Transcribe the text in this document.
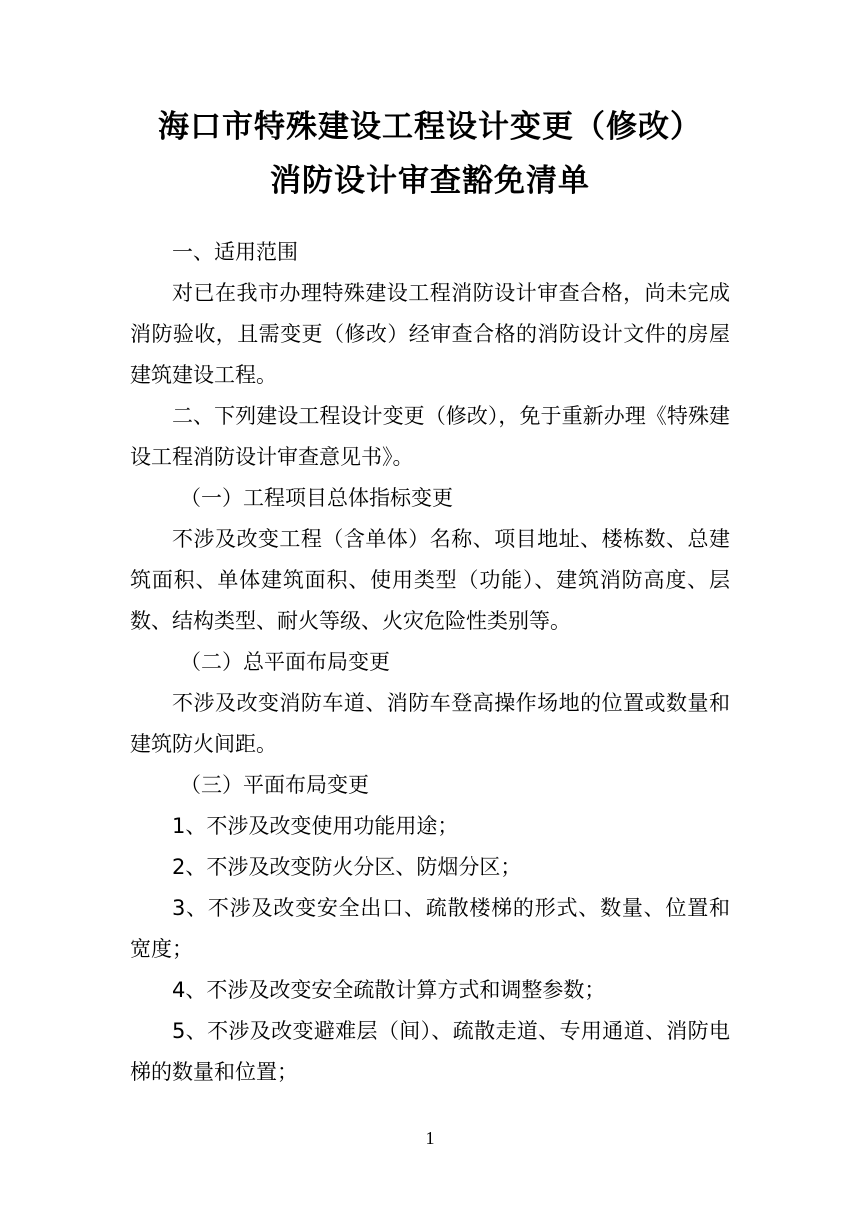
海口市特殊建设工程设计变更（修改）

消防设计审查豁免清单

一、适用范围

对已在我市办理特殊建设工程消防设计审查合格，尚未完成消防验收，且需变更（修改）经审查合格的消防设计文件的房屋建筑建设工程。

二、下列建设工程设计变更（修改），免于重新办理《特殊建设工程消防设计审查意见书》。

（一）工程项目总体指标变更

不涉及改变工程（含单体）名称、项目地址、楼栋数、总建筑面积、单体建筑面积、使用类型（功能）、建筑消防高度、层数、结构类型、耐火等级、火灾危险性类别等。

（二）总平面布局变更

不涉及改变消防车道、消防车登高操作场地的位置或数量和建筑防火间距。

（三）平面布局变更

1、不涉及改变使用功能用途；

2、不涉及改变防火分区、防烟分区；

3、不涉及改变安全出口、疏散楼梯的形式、数量、位置和宽度；

4、不涉及改变安全疏散计算方式和调整参数；

5、不涉及改变避难层（间）、疏散走道、专用通道、消防电梯的数量和位置；

1
